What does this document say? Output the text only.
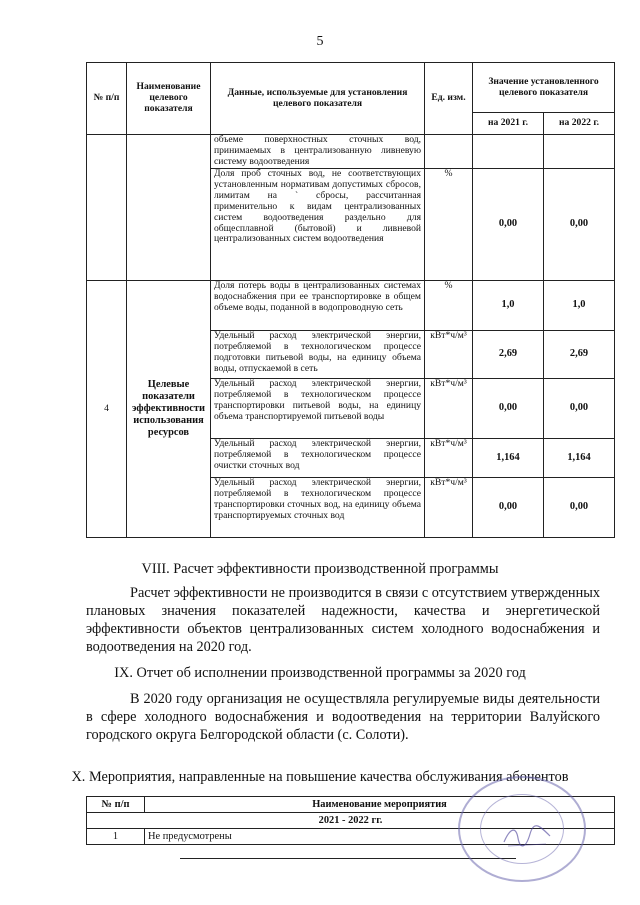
5
№ п/п	Наименование целевого показателя	Данные, используемые для установления целевого показателя	Ед. изм.	Значение установленного целевого показателя	
				на 2021 г.	на 2022 г.
		объеме поверхностных сточных вод, принимаемых в централизованную ливневую систему водоотведения			
		Доля проб сточных вод, не соответствующих установленным нормативам допустимых сбросов, лимитам на ` сбросы, рассчитанная применительно к видам централизованных систем водоотведения раздельно для общесплавной (бытовой) и ливневой централизованных систем водоотведения	%	0,00	0,00
4	Целевые показатели эффективности использования ресурсов	Доля потерь воды в централизованных системах водоснабжения при ее транспортировке в общем объеме воды, поданной в водопроводную сеть	%	1,0	1,0
		Удельный расход электрической энергии, потребляемой в технологическом процессе подготовки питьевой воды, на единицу объема воды, отпускаемой в сеть	кВт*ч/м³	2,69	2,69
		Удельный расход электрической энергии, потребляемой в технологическом процессе транспортировки питьевой воды, на единицу объема транспортируемой питьевой воды	кВт*ч/м³	0,00	0,00
		Удельный расход электрической энергии, потребляемой в технологическом процессе очистки сточных вод	кВт*ч/м³	1,164	1,164
		Удельный расход электрической энергии, потребляемой в технологическом процессе транспортировки сточных вод, на единицу объема транспортируемых сточных вод	кВт*ч/м³	0,00	0,00
VIII. Расчет эффективности производственной программы
Расчет эффективности не производится в связи с отсутствием утвержденных плановых значения показателей надежности, качества и энергетической эффективности объектов централизованных систем холодного водоснабжения и водоотведения на 2020 год.
IX. Отчет об исполнении производственной программы за 2020 год
В 2020 году организация не осуществляла регулируемые виды деятельности в сфере холодного водоснабжения и водоотведения на территории Валуйского городского округа Белгородской области (с. Солоти).
X. Мероприятия, направленные на повышение качества обслуживания абонентов
№ п/п	Наименование мероприятия
2021 - 2022 гг.	
1	Не предусмотрены
